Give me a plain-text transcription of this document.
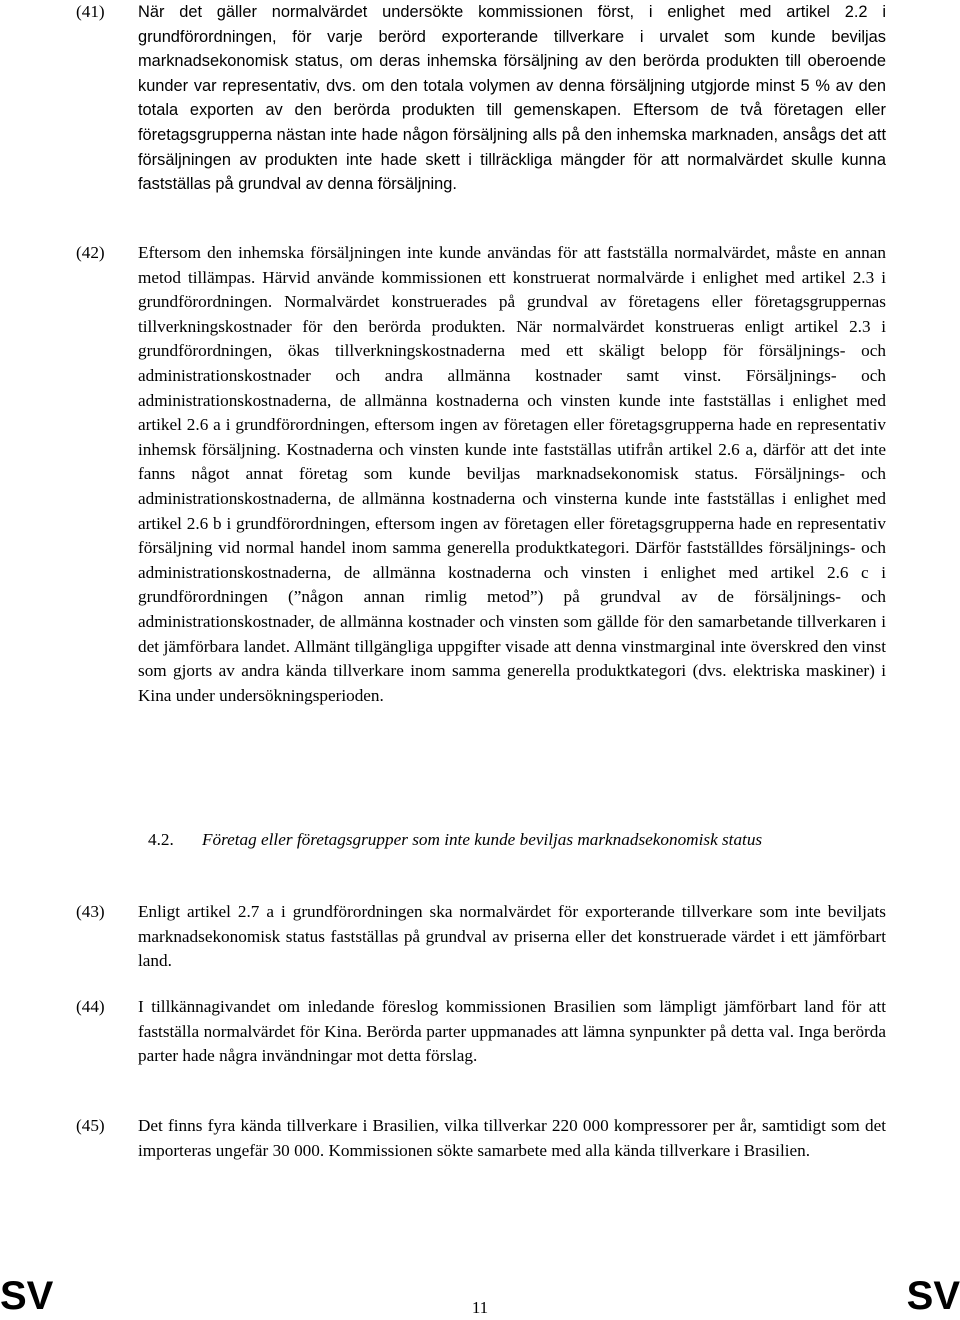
(41)	När det gäller normalvärdet undersökte kommissionen först, i enlighet med artikel 2.2 i grundförordningen, för varje berörd exporterande tillverkare i urvalet som kunde beviljas marknadsekonomisk status, om deras inhemska försäljning av den berörda produkten till oberoende kunder var representativ, dvs. om den totala volymen av denna försäljning utgjorde minst 5 % av den totala exporten av den berörda produkten till gemenskapen. Eftersom de två företagen eller företagsgrupperna nästan inte hade någon försäljning alls på den inhemska marknaden, ansågs det att försäljningen av produkten inte hade skett i tillräckliga mängder för att normalvärdet skulle kunna fastställas på grundval av denna försäljning.
(42)	Eftersom den inhemska försäljningen inte kunde användas för att fastställa normalvärdet, måste en annan metod tillämpas. Härvid använde kommissionen ett konstruerat normalvärde i enlighet med artikel 2.3 i grundförordningen. Normalvärdet konstruerades på grundval av företagens eller företagsgruppernas tillverkningskostnader för den berörda produkten. När normalvärdet konstrueras enligt artikel 2.3 i grundförordningen, ökas tillverkningskostnaderna med ett skäligt belopp för försäljnings- och administrationskostnader och andra allmänna kostnader samt vinst. Försäljnings- och administrationskostnaderna, de allmänna kostnaderna och vinsten kunde inte fastställas i enlighet med artikel 2.6 a i grundförordningen, eftersom ingen av företagen eller företagsgrupperna hade en representativ inhemsk försäljning. Kostnaderna och vinsten kunde inte fastställas utifrån artikel 2.6 a, därför att det inte fanns något annat företag som kunde beviljas marknadsekonomisk status. Försäljnings- och administrationskostnaderna, de allmänna kostnaderna och vinsterna kunde inte fastställas i enlighet med artikel 2.6 b i grundförordningen, eftersom ingen av företagen eller företagsgrupperna hade en representativ försäljning vid normal handel inom samma generella produktkategori. Därför fastställdes försäljnings- och administrationskostnaderna, de allmänna kostnaderna och vinsten i enlighet med artikel 2.6 c i grundförordningen (”någon annan rimlig metod”) på grundval av de försäljnings- och administrationskostnader, de allmänna kostnader och vinsten som gällde för den samarbetande tillverkaren i det jämförbara landet. Allmänt tillgängliga uppgifter visade att denna vinstmarginal inte överskred den vinst som gjorts av andra kända tillverkare inom samma generella produktkategori (dvs. elektriska maskiner) i Kina under undersökningsperioden.
4.2. Företag eller företagsgrupper som inte kunde beviljas marknadsekonomisk status
(43)	Enligt artikel 2.7 a i grundförordningen ska normalvärdet för exporterande tillverkare som inte beviljats marknadsekonomisk status fastställas på grundval av priserna eller det konstruerade värdet i ett jämförbart land.
(44)	I tillkännagivandet om inledande föreslog kommissionen Brasilien som lämpligt jämförbart land för att fastställa normalvärdet för Kina. Berörda parter uppmanades att lämna synpunkter på detta val. Inga berörda parter hade några invändningar mot detta förslag.
(45)	Det finns fyra kända tillverkare i Brasilien, vilka tillverkar 220 000 kompressorer per år, samtidigt som det importeras ungefär 30 000. Kommissionen sökte samarbete med alla kända tillverkare i Brasilien.
SV	11	SV
